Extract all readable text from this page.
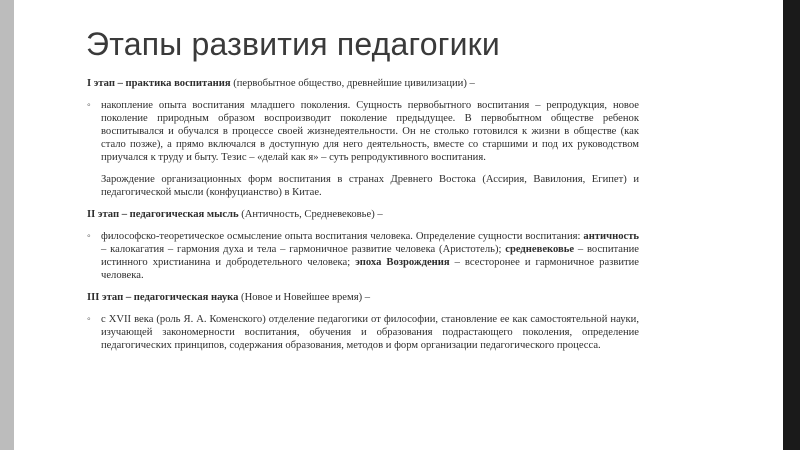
Этапы развития педагогики
I этап – практика воспитания (первобытное общество, древнейшие цивилизации) –
◦ накопление опыта воспитания младшего поколения. Сущность первобытного воспитания – репродукция, новое поколение природным образом воспроизводит поколение предыдущее. В первобытном обществе ребенок воспитывался и обучался в процессе своей жизнедеятельности. Он не столько готовился к жизни в обществе (как стало позже), а прямо включался в доступную для него деятельность, вместе со старшими и под их руководством приучался к труду и быту. Тезис – «делай как я» – суть репродуктивного воспитания.
Зарождение организационных форм воспитания в странах Древнего Востока (Ассирия, Вавилония, Египет) и педагогической мысли (конфуцианство) в Китае.
II этап – педагогическая мысль (Античность, Средневековье) –
◦ философско-теоретическое осмысление опыта воспитания человека. Определение сущности воспитания: античность – калокагатия – гармония духа и тела – гармоничное развитие человека (Аристотель); средневековье – воспитание истинного христианина и добродетельного человека; эпоха Возрождения – всесторонее и гармоничное развитие человека.
III этап – педагогическая наука (Новое и Новейшее время) –
◦ с XVII века (роль Я. А. Коменского) отделение педагогики от философии, становление ее как самостоятельной науки, изучающей закономерности воспитания, обучения и образования подрастающего поколения, определение педагогических принципов, содержания образования, методов и форм организации педагогического процесса.
